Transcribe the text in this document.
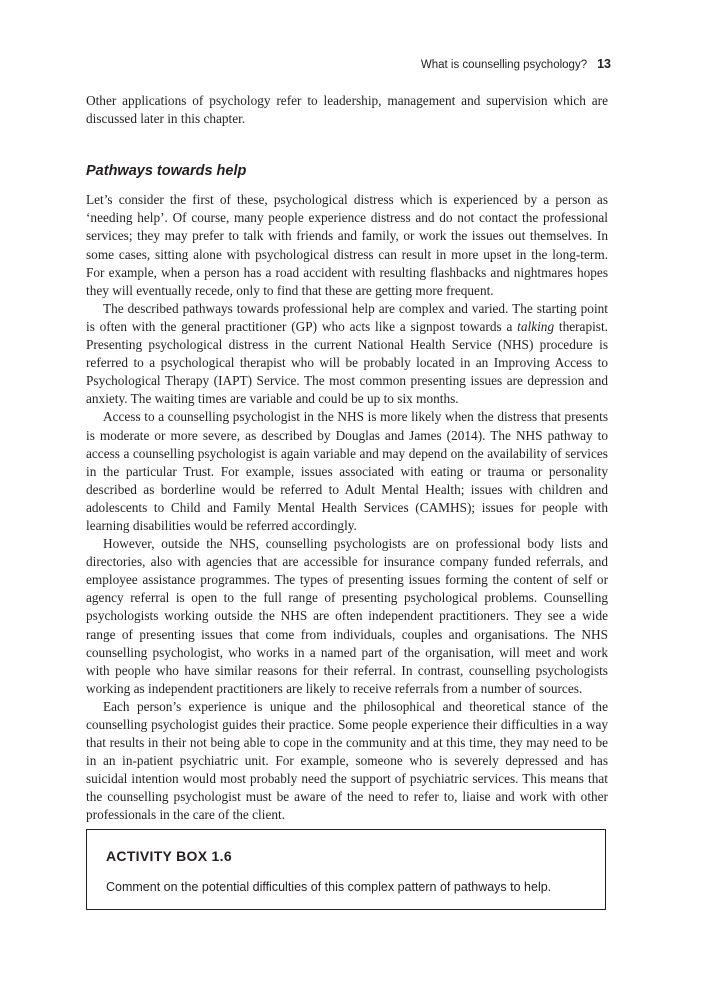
What is counselling psychology? 13

Other applications of psychology refer to leadership, management and supervision which are discussed later in this chapter.

Pathways towards help

Let’s consider the first of these, psychological distress which is experienced by a person as ‘needing help’. Of course, many people experience distress and do not contact the professional services; they may prefer to talk with friends and family, or work the issues out themselves. In some cases, sitting alone with psychological distress can result in more upset in the long-term. For example, when a person has a road accident with resulting flashbacks and nightmares hopes they will eventually recede, only to find that these are getting more frequent.

The described pathways towards professional help are complex and varied. The starting point is often with the general practitioner (GP) who acts like a signpost towards a talking therapist. Presenting psychological distress in the current National Health Service (NHS) procedure is referred to a psychological therapist who will be probably located in an Improving Access to Psychological Therapy (IAPT) Service. The most common presenting issues are depression and anxiety. The waiting times are variable and could be up to six months.

Access to a counselling psychologist in the NHS is more likely when the distress that presents is moderate or more severe, as described by Douglas and James (2014). The NHS pathway to access a counselling psychologist is again variable and may depend on the availability of services in the particular Trust. For example, issues associated with eating or trauma or personality described as borderline would be referred to Adult Mental Health; issues with children and adolescents to Child and Family Mental Health Services (CAMHS); issues for people with learning disabilities would be referred accordingly.

However, outside the NHS, counselling psychologists are on professional body lists and directories, also with agencies that are accessible for insurance company funded referrals, and employee assistance programmes. The types of presenting issues forming the content of self or agency referral is open to the full range of presenting psychological problems. Counselling psychologists working outside the NHS are often independent practitioners. They see a wide range of presenting issues that come from individuals, couples and organisations. The NHS counselling psychologist, who works in a named part of the organisation, will meet and work with people who have similar reasons for their referral. In contrast, counselling psychologists working as independent practitioners are likely to receive referrals from a number of sources.

Each person’s experience is unique and the philosophical and theoretical stance of the counselling psychologist guides their practice. Some people experience their difficulties in a way that results in their not being able to cope in the community and at this time, they may need to be in an in-patient psychiatric unit. For example, someone who is severely depressed and has suicidal intention would most probably need the support of psychiatric services. This means that the counselling psychologist must be aware of the need to refer to, liaise and work with other professionals in the care of the client.

ACTIVITY BOX 1.6

Comment on the potential difficulties of this complex pattern of pathways to help.
